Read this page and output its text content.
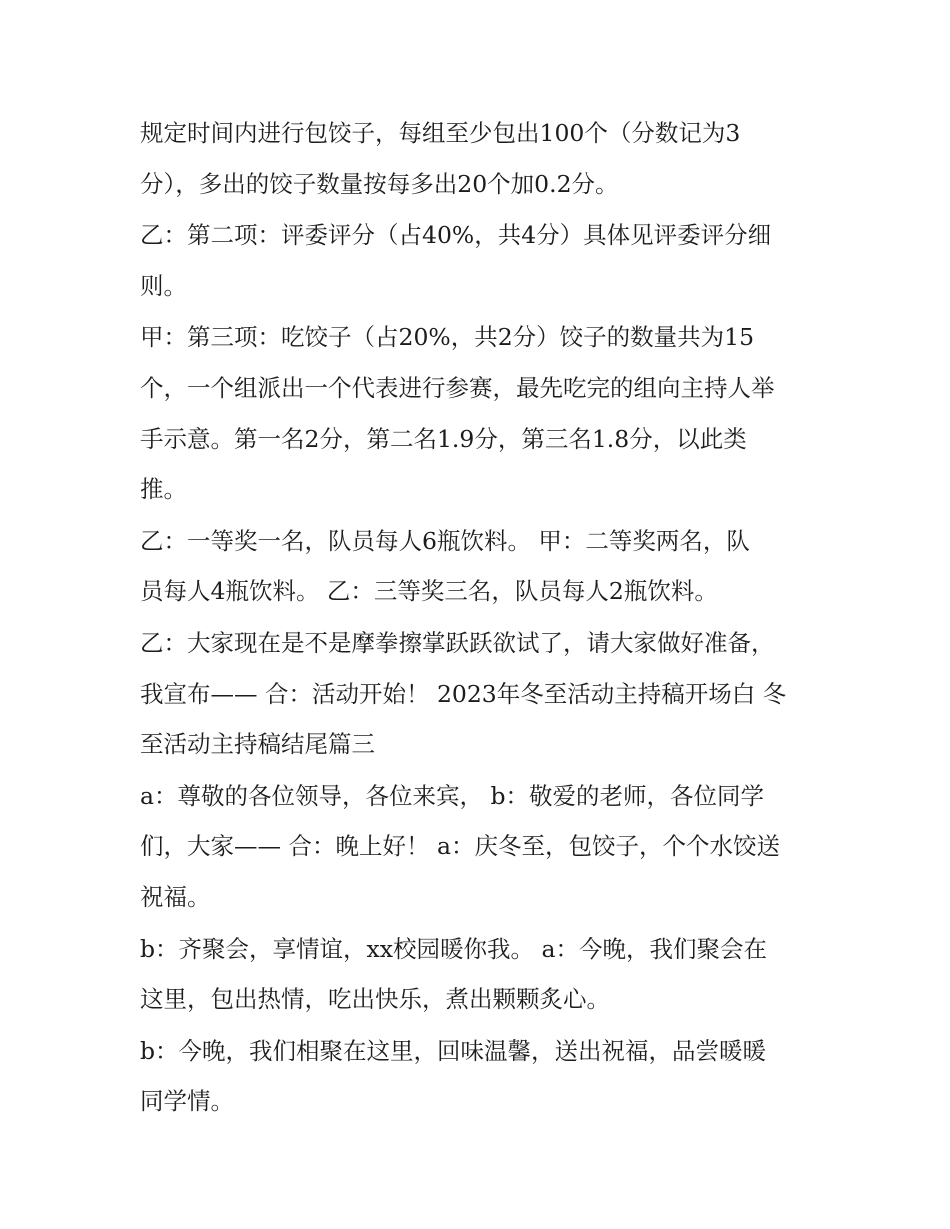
规定时间内进行包饺子，每组至少包出100个（分数记为3
分），多出的饺子数量按每多出20个加0.2分。

乙：第二项：评委评分（占40%，共4分）具体见评委评分细
则。

甲：第三项：吃饺子（占20%，共2分）饺子的数量共为15
个，一个组派出一个代表进行参赛，最先吃完的组向主持人举
手示意。第一名2分，第二名1.9分，第三名1.8分，以此类
推。

乙：一等奖一名，队员每人6瓶饮料。 甲：二等奖两名，队
员每人4瓶饮料。 乙：三等奖三名，队员每人2瓶饮料。

乙：大家现在是不是摩拳擦掌跃跃欲试了，请大家做好准备，
我宣布—— 合：活动开始！ 2023年冬至活动主持稿开场白 冬
至活动主持稿结尾篇三

a：尊敬的各位领导，各位来宾， b：敬爱的老师，各位同学
们，大家—— 合：晚上好！ a：庆冬至，包饺子，个个水饺送
祝福。

b：齐聚会，享情谊，xx校园暖你我。 a：今晚，我们聚会在
这里，包出热情，吃出快乐，煮出颗颗炙心。

b：今晚，我们相聚在这里，回味温馨，送出祝福，品尝暖暖
同学情。
